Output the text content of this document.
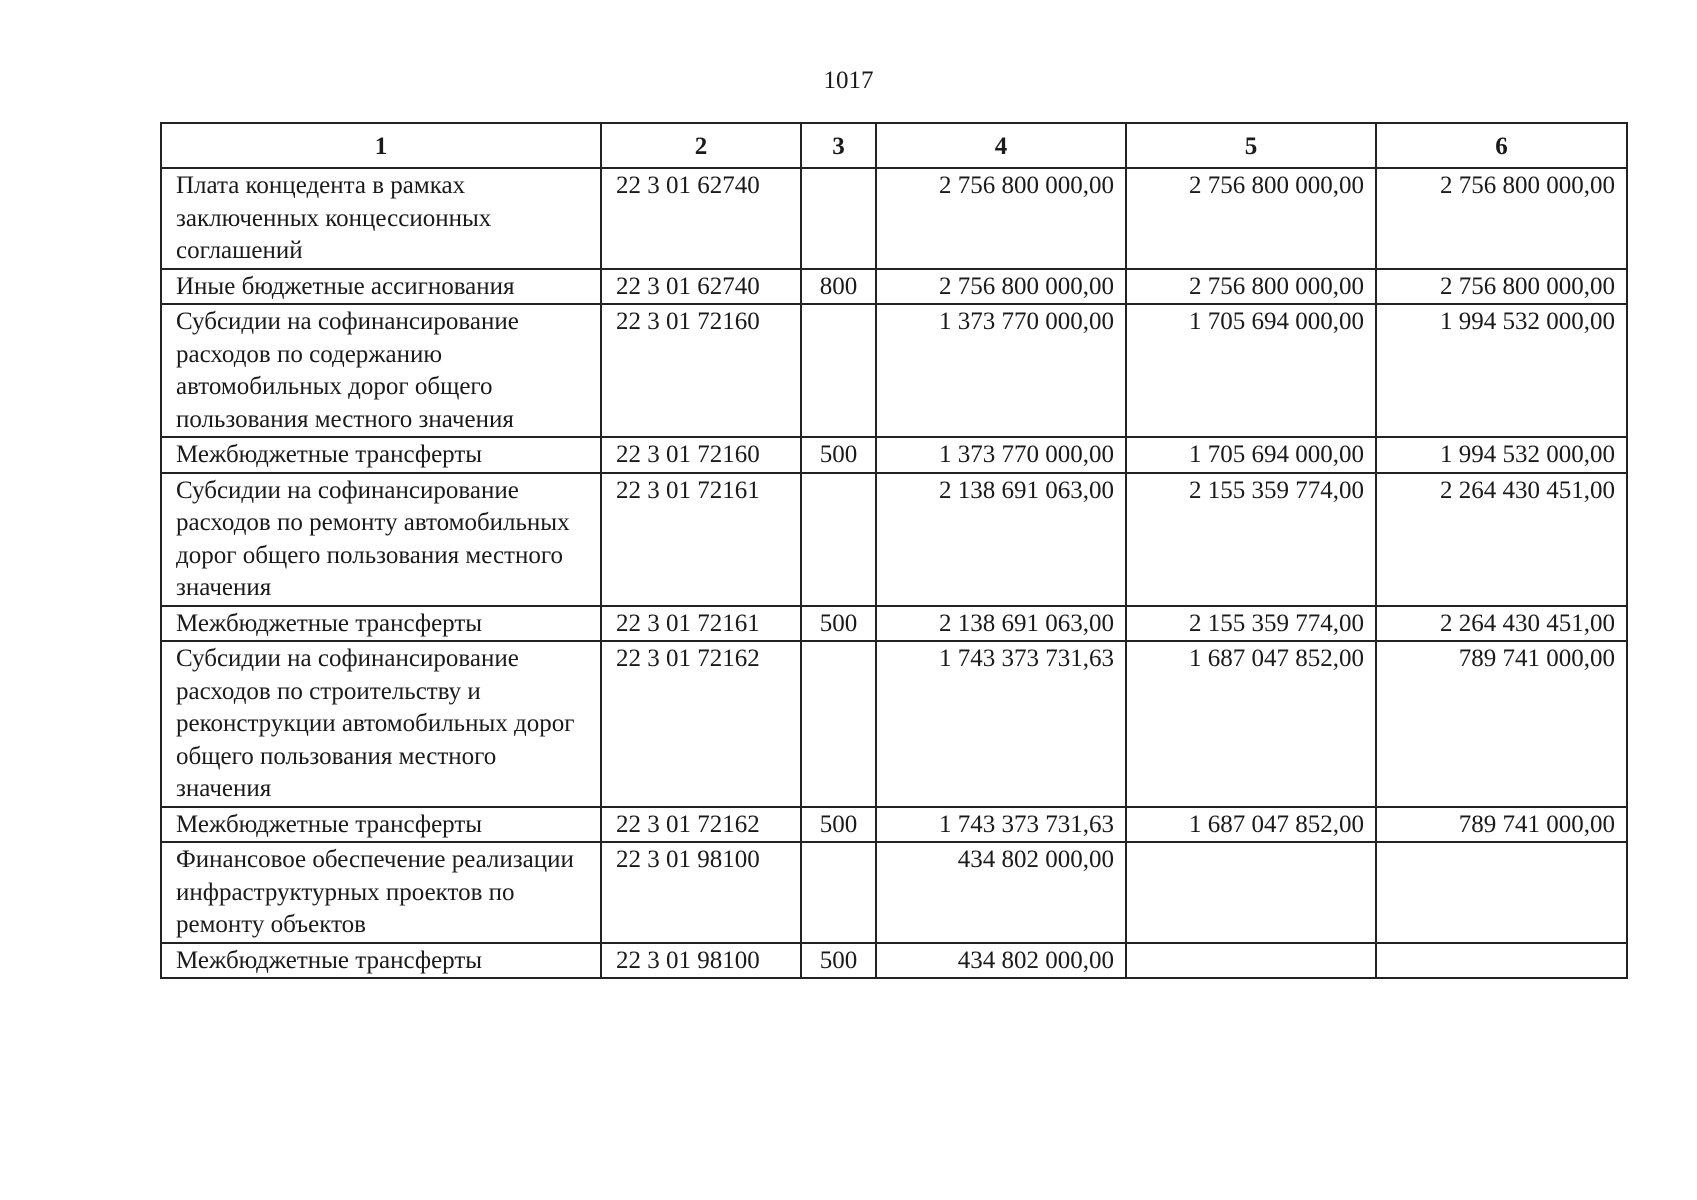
1017
1	2	3	4	5	6
Плата концедента в рамках заключенных концессионных соглашений	22 3 01 62740		2 756 800 000,00	2 756 800 000,00	2 756 800 000,00
Иные бюджетные ассигнования	22 3 01 62740	800	2 756 800 000,00	2 756 800 000,00	2 756 800 000,00
Субсидии на софинансирование расходов по содержанию автомобильных дорог общего пользования местного значения	22 3 01 72160		1 373 770 000,00	1 705 694 000,00	1 994 532 000,00
Межбюджетные трансферты	22 3 01 72160	500	1 373 770 000,00	1 705 694 000,00	1 994 532 000,00
Субсидии на софинансирование расходов по ремонту автомобильных дорог общего пользования местного значения	22 3 01 72161		2 138 691 063,00	2 155 359 774,00	2 264 430 451,00
Межбюджетные трансферты	22 3 01 72161	500	2 138 691 063,00	2 155 359 774,00	2 264 430 451,00
Субсидии на софинансирование расходов по строительству и реконструкции автомобильных дорог общего пользования местного значения	22 3 01 72162		1 743 373 731,63	1 687 047 852,00	789 741 000,00
Межбюджетные трансферты	22 3 01 72162	500	1 743 373 731,63	1 687 047 852,00	789 741 000,00
Финансовое обеспечение реализации инфраструктурных проектов по ремонту объектов	22 3 01 98100		434 802 000,00		
Межбюджетные трансферты	22 3 01 98100	500	434 802 000,00		
